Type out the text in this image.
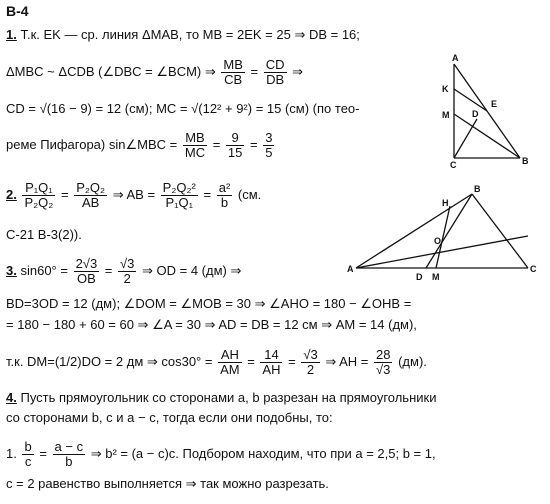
В-4
1. Т.к. EK — ср. линия ΔMAB, то MB = 2EK = 25 ⇒ DB = 16;
ΔMBC ~ ΔCDB (∠DBC = ∠BCM) ⇒ $\frac{MB}{CB} = \frac{CD}{DB}$ ⇒
CD = √(16 − 9) = 12 (см); MC = √(12² + 9²) = 15 (см) (по тео-
реме Пифагора) sin∠MBC = $\frac{MB}{MC} = \frac{9}{15} = \frac{3}{5}$
2. $\frac{\text{P₁Q₁}}{\text{P₂Q₂}} = \frac{\text{P₂Q₂}}{AB}$ ⇒ AB = $\frac{\text{P₂Q₂²}}{\text{P₁Q₁}} = \frac{\text{a²}}{b} (см$.
С-21 В-3(2)).
3. $\sin 60^\circ = \frac{2√3}{OB} = \frac{√3}{2}$ ⇒ OD = 4 (дм) ⇒
BD=3OD = 12 (дм); ∠DOM = ∠MOB = 30 ⇒ ∠AHO = 180 − ∠OHB =
= 180 − 180 + 60 = 60 ⇒ ∠A = 30 ⇒ AD = DB = 12 см ⇒ AM = 14 (дм),
т.к. DM=(1/2)DO = 2 дм ⇒ $\cos 30^\circ = \frac{AH}{AM} = \frac{14}{AH} = \frac{√3}{2}$ ⇒ AH = $\frac{28}{√3} (дм)$.
4. Пусть прямоугольник со сторонами a, b разрезан на прямоугольники
со сторонами b, c и a − c, тогда если они подобны, то:
1. $\frac{b}{c} = \frac{a - c}{b}$ ⇒ b² = (a − c)c. Подбором находим, что при a = 2,5; b = 1,
c = 2 равенство выполняется ⇒ так можно разрезать.
A
K
E
M	D
C	B
B
H
O
A
D M
C
